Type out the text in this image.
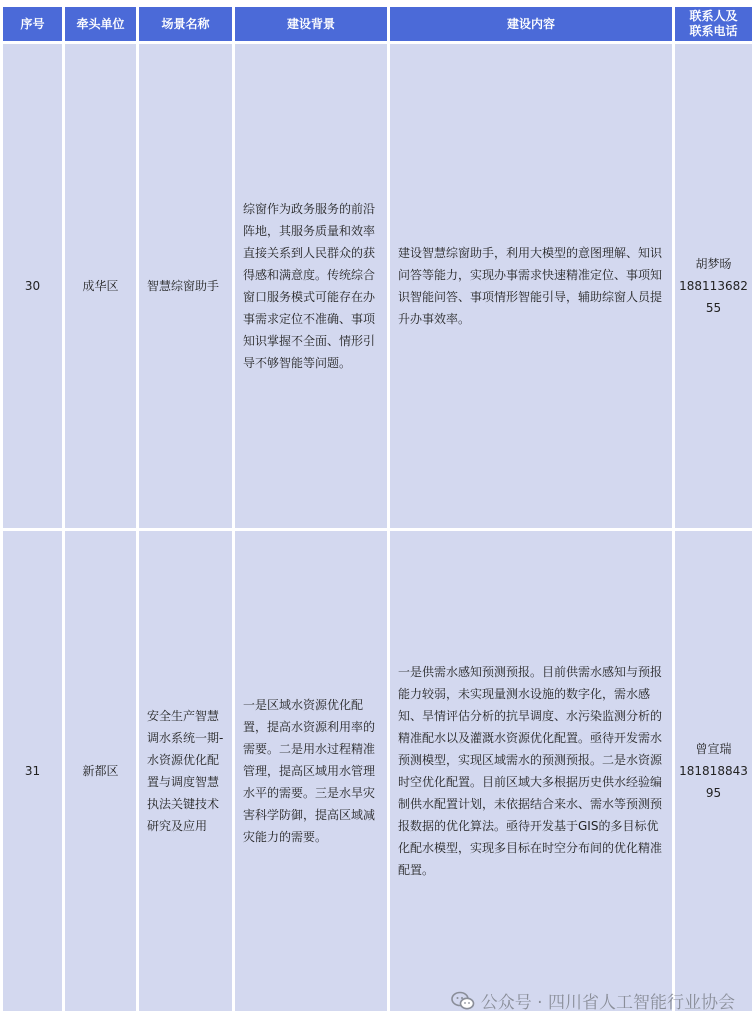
序号	牵头单位	场景名称	建设背景	建设内容	联系人及
联系电话

30	成华区	智慧综窗助手	综窗作为政务服务的前沿阵地，其服务质量和效率直接关系到人民群众的获得感和满意度。传统综合窗口服务模式可能存在办事需求定位不准确、事项知识掌握不全面、情形引导不够智能等问题。	建设智慧综窗助手，利用大模型的意图理解、知识问答等能力，实现办事需求快速精准定位、事项知识智能问答、事项情形智能引导，辅助综窗人员提升办事效率。	胡梦旸
18811368255

31	新都区	安全生产智慧调水系统一期-水资源优化配置与调度智慧执法关键技术研究及应用	一是区域水资源优化配置，提高水资源利用率的需要。二是用水过程精准管理，提高区域用水管理水平的需要。三是水旱灾害科学防御，提高区域减灾能力的需要。	一是供需水感知预测预报。目前供需水感知与预报能力较弱，未实现量测水设施的数字化，需水感知、旱情评估分析的抗旱调度、水污染监测分析的精准配水以及灌溉水资源优化配置。亟待开发需水预测模型，实现区域需水的预测预报。二是水资源时空优化配置。目前区域大多根据历史供水经验编制供水配置计划，未依据结合来水、需水等预测预报数据的优化算法。亟待开发基于GIS的多目标优化配水模型，实现多目标在时空分布间的优化精准配置。	曾宣瑞
18181884395
公众号 · 四川省人工智能行业协会
